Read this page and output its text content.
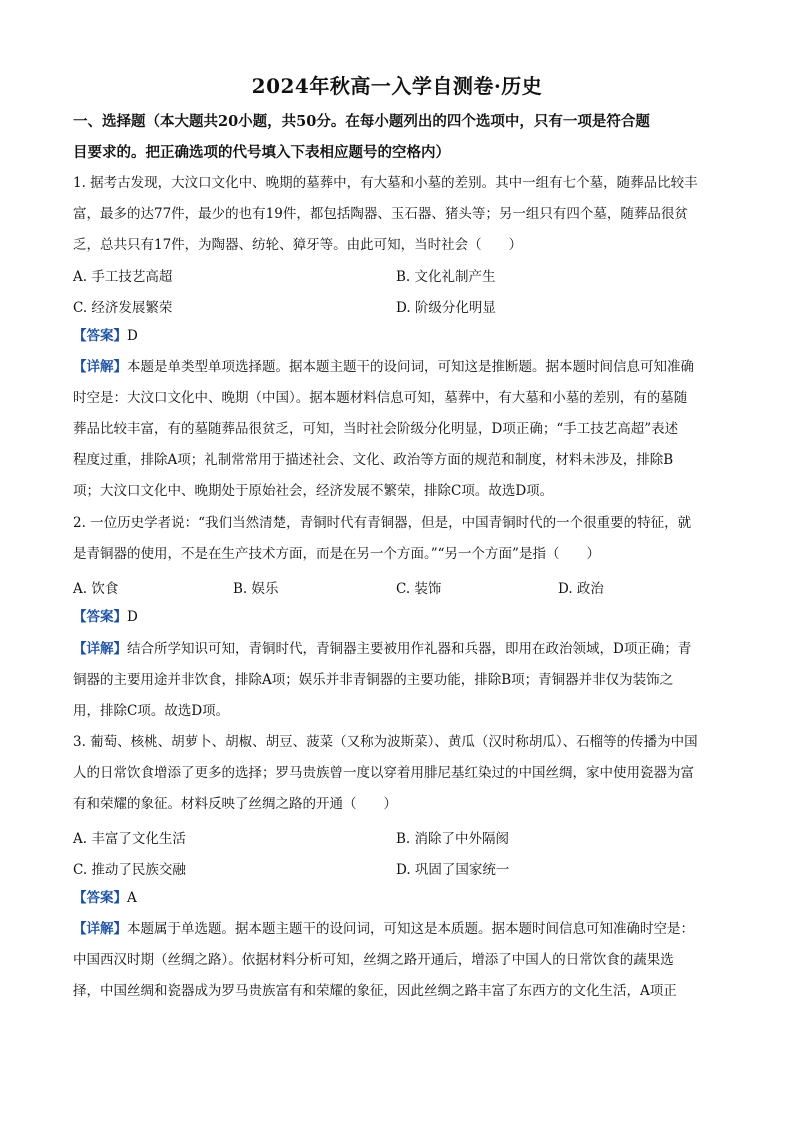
2024年秋高一入学自测卷·历史
一、选择题（本大题共20小题，共50分。在每小题列出的四个选项中，只有一项是符合题
目要求的。把正确选项的代号填入下表相应题号的空格内）
1. 据考古发现，大汶口文化中、晚期的墓葬中，有大墓和小墓的差别。其中一组有七个墓，随葬品比较丰
富，最多的达77件，最少的也有19件，都包括陶器、玉石器、猪头等；另一组只有四个墓，随葬品很贫
乏，总共只有17件，为陶器、纺轮、獐牙等。由此可知，当时社会（　　）
A. 手工技艺高超	B. 文化礼制产生
C. 经济发展繁荣	D. 阶级分化明显
【答案】D
【详解】本题是单类型单项选择题。据本题主题干的设问词，可知这是推断题。据本题时间信息可知准确
时空是：大汶口文化中、晚期（中国）。据本题材料信息可知，墓葬中，有大墓和小墓的差别，有的墓随
葬品比较丰富，有的墓随葬品很贫乏，可知，当时社会阶级分化明显，D项正确；“手工技艺高超”表述
程度过重，排除A项；礼制常常用于描述社会、文化、政治等方面的规范和制度，材料未涉及，排除B
项；大汶口文化中、晚期处于原始社会，经济发展不繁荣，排除C项。故选D项。
2. 一位历史学者说：“我们当然清楚，青铜时代有青铜器，但是，中国青铜时代的一个很重要的特征，就
是青铜器的使用，不是在生产技术方面，而是在另一个方面。”“另一个方面”是指（　　）
A. 饮食	B. 娱乐	C. 装饰	D. 政治
【答案】D
【详解】结合所学知识可知，青铜时代，青铜器主要被用作礼器和兵器，即用在政治领域，D项正确；青
铜器的主要用途并非饮食，排除A项；娱乐并非青铜器的主要功能，排除B项；青铜器并非仅为装饰之
用，排除C项。故选D项。
3. 葡萄、核桃、胡萝卜、胡椒、胡豆、菠菜（又称为波斯菜）、黄瓜（汉时称胡瓜）、石榴等的传播为中国
人的日常饮食增添了更多的选择；罗马贵族曾一度以穿着用腓尼基红染过的中国丝绸，家中使用瓷器为富
有和荣耀的象征。材料反映了丝绸之路的开通（　　）
A. 丰富了文化生活	B. 消除了中外隔阂
C. 推动了民族交融	D. 巩固了国家统一
【答案】A
【详解】本题属于单选题。据本题主题干的设问词，可知这是本质题。据本题时间信息可知准确时空是：
中国西汉时期（丝绸之路）。依据材料分析可知，丝绸之路开通后，增添了中国人的日常饮食的蔬果选
择，中国丝绸和瓷器成为罗马贵族富有和荣耀的象征，因此丝绸之路丰富了东西方的文化生活，A项正
